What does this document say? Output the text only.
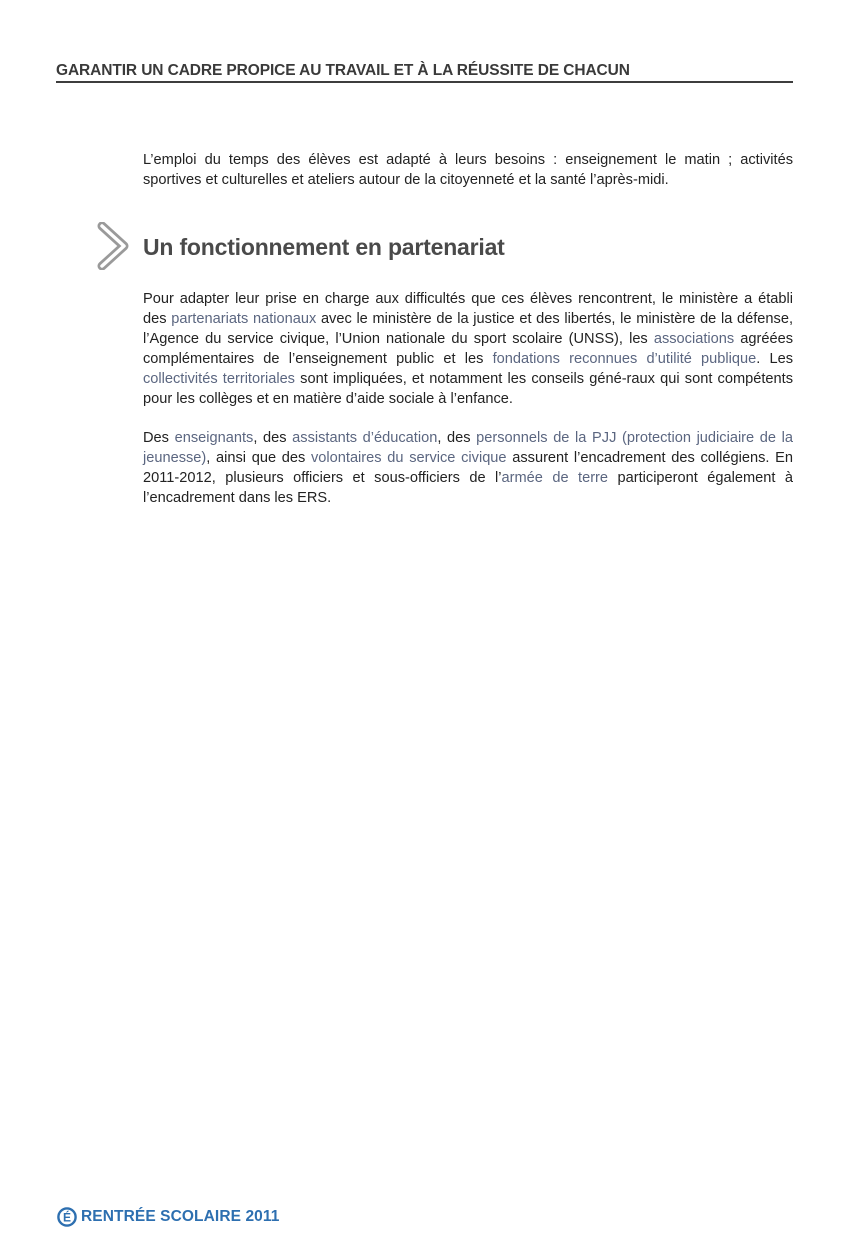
GARANTIR UN CADRE PROPICE AU TRAVAIL ET À LA RÉUSSITE DE CHACUN

L’emploi du temps des élèves est adapté à leurs besoins : enseignement le matin ; activités sportives et culturelles et ateliers autour de la citoyenneté et la santé l’après-midi.

Un fonctionnement en partenariat

Pour adapter leur prise en charge aux difficultés que ces élèves rencontrent, le ministère a établi des partenariats nationaux avec le ministère de la justice et des libertés, le ministère de la défense, l’Agence du service civique, l’Union nationale du sport scolaire (UNSS), les associations agréées complémentaires de l’enseignement public et les fondations reconnues d’utilité publique. Les collectivités territoriales sont impliquées, et notamment les conseils géné-raux qui sont compétents pour les collèges et en matière d’aide sociale à l’enfance.

Des enseignants, des assistants d’éducation, des personnels de la PJJ (protection judiciaire de la jeunesse), ainsi que des volontaires du service civique assurent l’encadrement des collégiens. En 2011-2012, plusieurs officiers et sous-officiers de l’armée de terre participeront également à l’encadrement dans les ERS.

É RENTRÉE SCOLAIRE 2011
